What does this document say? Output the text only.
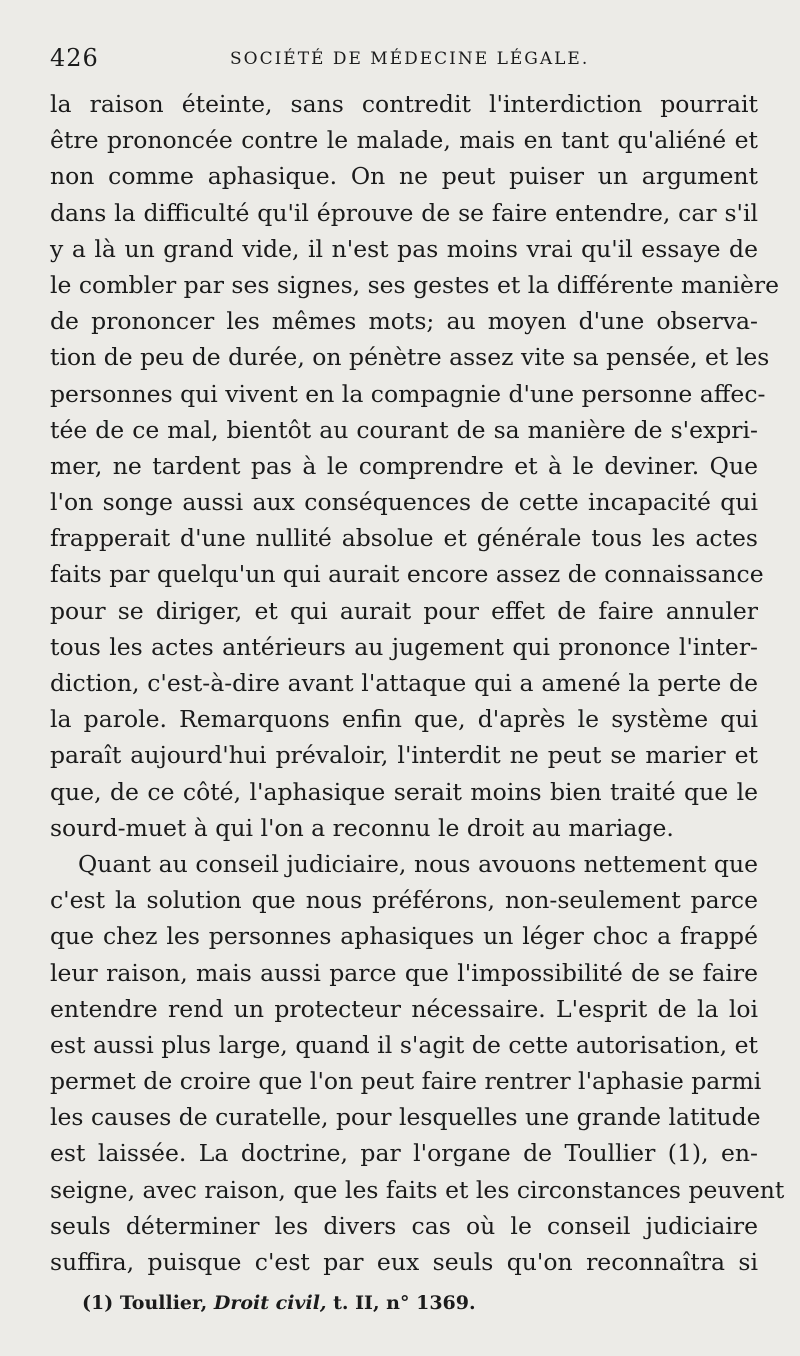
426	SOCIÉTÉ DE MÉDECINE LÉGALE.
la raison éteinte, sans contredit l'interdiction pourrait
être prononcée contre le malade, mais en tant qu'aliéné et
non comme aphasique. On ne peut puiser un argument
dans la difficulté qu'il éprouve de se faire entendre, car s'il
y a là un grand vide, il n'est pas moins vrai qu'il essaye de
le combler par ses signes, ses gestes et la différente manière
de prononcer les mêmes mots; au moyen d'une observa-
tion de peu de durée, on pénètre assez vite sa pensée, et les
personnes qui vivent en la compagnie d'une personne affec-
tée de ce mal, bientôt au courant de sa manière de s'expri-
mer, ne tardent pas à le comprendre et à le deviner. Que
l'on songe aussi aux conséquences de cette incapacité qui
frapperait d'une nullité absolue et générale tous les actes
faits par quelqu'un qui aurait encore assez de connaissance
pour se diriger, et qui aurait pour effet de faire annuler
tous les actes antérieurs au jugement qui prononce l'inter-
diction, c'est-à-dire avant l'attaque qui a amené la perte de
la parole. Remarquons enfin que, d'après le système qui
paraît aujourd'hui prévaloir, l'interdit ne peut se marier et
que, de ce côté, l'aphasique serait moins bien traité que le
sourd-muet à qui l'on a reconnu le droit au mariage.
Quant au conseil judiciaire, nous avouons nettement que
c'est la solution que nous préférons, non-seulement parce
que chez les personnes aphasiques un léger choc a frappé
leur raison, mais aussi parce que l'impossibilité de se faire
entendre rend un protecteur nécessaire. L'esprit de la loi
est aussi plus large, quand il s'agit de cette autorisation, et
permet de croire que l'on peut faire rentrer l'aphasie parmi
les causes de curatelle, pour lesquelles une grande latitude
est laissée. La doctrine, par l'organe de Toullier (1), en-
seigne, avec raison, que les faits et les circonstances peuvent
seuls déterminer les divers cas où le conseil judiciaire
suffira, puisque c'est par eux seuls qu'on reconnaîtra si
(1) Toullier, Droit civil, t. II, n° 1369.
